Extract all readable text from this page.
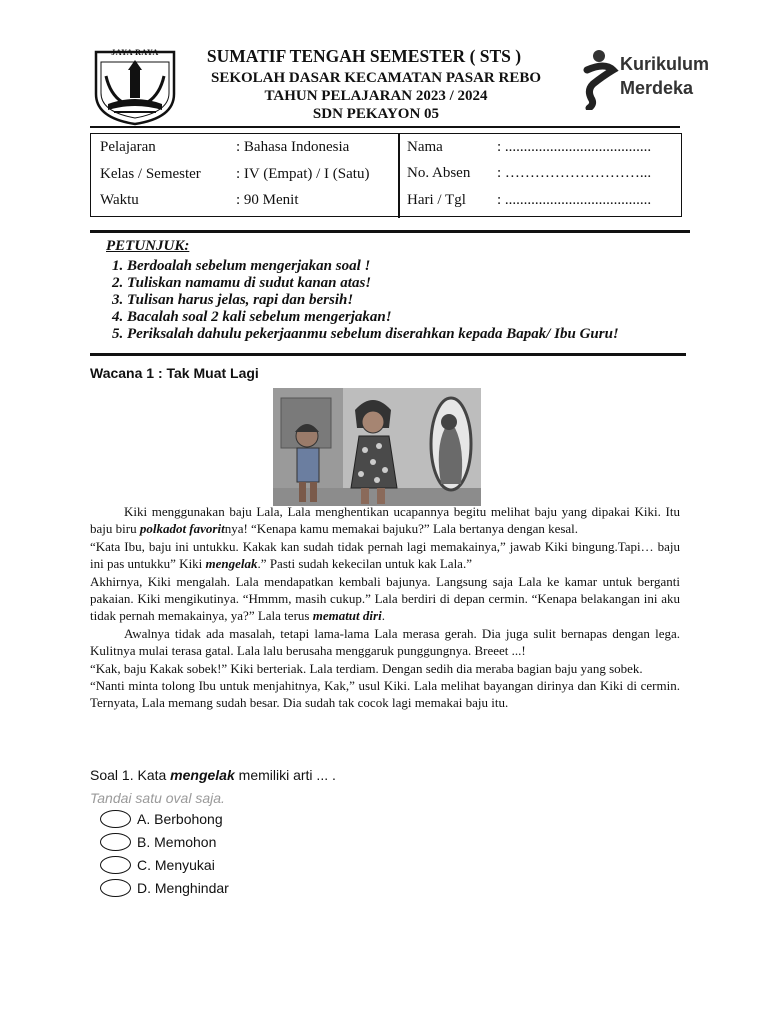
JAYA RAYA	SUMATIF TENGAH SEMESTER ( STS )
SEKOLAH DASAR KECAMATAN PASAR REBO
TAHUN PELAJARAN 2023 / 2024
SDN PEKAYON 05
Kurikulum
Merdeka
Pelajaran	: Bahasa Indonesia
Kelas / Semester : IV (Empat) / I (Satu)
Waktu	: 90 Menit
Nama	: .......................................
No. Absen : ………………………...
Hari / Tgl : .......................................
PETUNJUK:
1. Berdoalah sebelum mengerjakan soal !
2. Tuliskan namamu di sudut kanan atas!
3. Tulisan harus jelas, rapi dan bersih!
4. Bacalah soal 2 kali sebelum mengerjakan!
5. Periksalah dahulu pekerjaanmu sebelum diserahkan kepada Bapak/ Ibu Guru!
Wacana 1 : Tak Muat Lagi

Kiki menggunakan baju Lala, Lala menghentikan ucapannya begitu melihat baju yang dipakai Kiki. Itu baju biru polkadot favoritnya! “Kenapa kamu memakai bajuku?” Lala bertanya dengan kesal.

“Kata Ibu, baju ini untukku. Kakak kan sudah tidak pernah lagi memakainya,” jawab Kiki bingung.Tapi… baju ini pas untukku” Kiki mengelak.” Pasti sudah kekecilan untuk kak Lala.”

Akhirnya, Kiki mengalah. Lala mendapatkan kembali bajunya. Langsung saja Lala ke kamar untuk berganti pakaian. Kiki mengikutinya. “Hmmm, masih cukup.” Lala berdiri di depan cermin. “Kenapa belakangan ini aku tidak pernah memakainya, ya?” Lala terus mematut diri.

Awalnya tidak ada masalah, tetapi lama-lama Lala merasa gerah. Dia juga sulit bernapas dengan lega. Kulitnya mulai terasa gatal. Lala lalu berusaha menggaruk punggungnya. Breeet ...!

“Kak, baju Kakak sobek!” Kiki berteriak. Lala terdiam. Dengan sedih dia meraba bagian baju yang sobek.

“Nanti minta tolong Ibu untuk menjahitnya, Kak,” usul Kiki. Lala melihat bayangan dirinya dan Kiki di cermin. Ternyata, Lala memang sudah besar. Dia sudah tak cocok lagi memakai baju itu.

Soal 1. Kata mengelak memiliki arti ... .
Tandai satu oval saja.
A. Berbohong
B. Memohon
C. Menyukai
D. Menghindar
